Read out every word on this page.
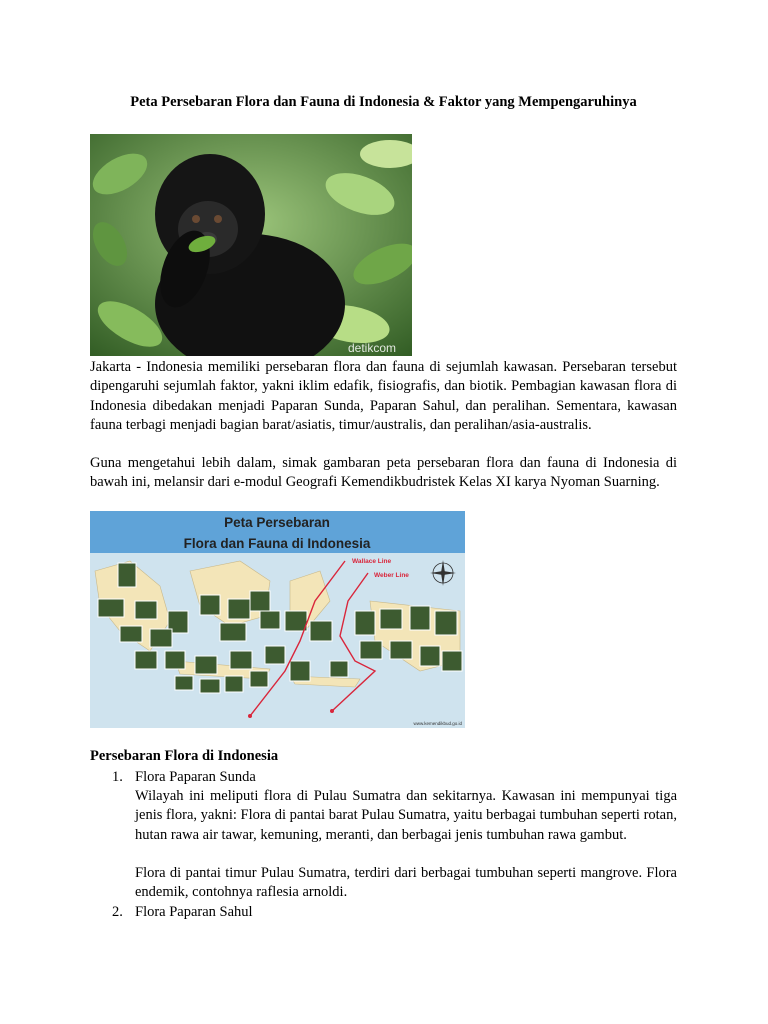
Peta Persebaran Flora dan Fauna di Indonesia & Faktor yang Mempengaruhinya
detikcom
Jakarta - Indonesia memiliki persebaran flora dan fauna di sejumlah kawasan. Persebaran tersebut dipengaruhi sejumlah faktor, yakni iklim edafik, fisiografis, dan biotik. Pembagian kawasan flora di Indonesia dibedakan menjadi Paparan Sunda, Paparan Sahul, dan peralihan. Sementara, kawasan fauna terbagi menjadi bagian barat/asiatis, timur/australis, dan peralihan/asia-australis.
Guna mengetahui lebih dalam, simak gambaran peta persebaran flora dan fauna di Indonesia di bawah ini, melansir dari e-modul Geografi Kemendikbudristek Kelas XI karya Nyoman Suarning.
Peta Persebaran
Flora dan Fauna di Indonesia
Wallace Line
Weber Line
www.kemendikbud.go.id
Persebaran Flora di Indonesia
1. Flora Paparan Sunda
Wilayah ini meliputi flora di Pulau Sumatra dan sekitarnya. Kawasan ini mempunyai tiga jenis flora, yakni: Flora di pantai barat Pulau Sumatra, yaitu berbagai tumbuhan seperti rotan, hutan rawa air tawar, kemuning, meranti, dan berbagai jenis tumbuhan rawa gambut.
Flora di pantai timur Pulau Sumatra, terdiri dari berbagai tumbuhan seperti mangrove. Flora endemik, contohnya raflesia arnoldi.
2. Flora Paparan Sahul
